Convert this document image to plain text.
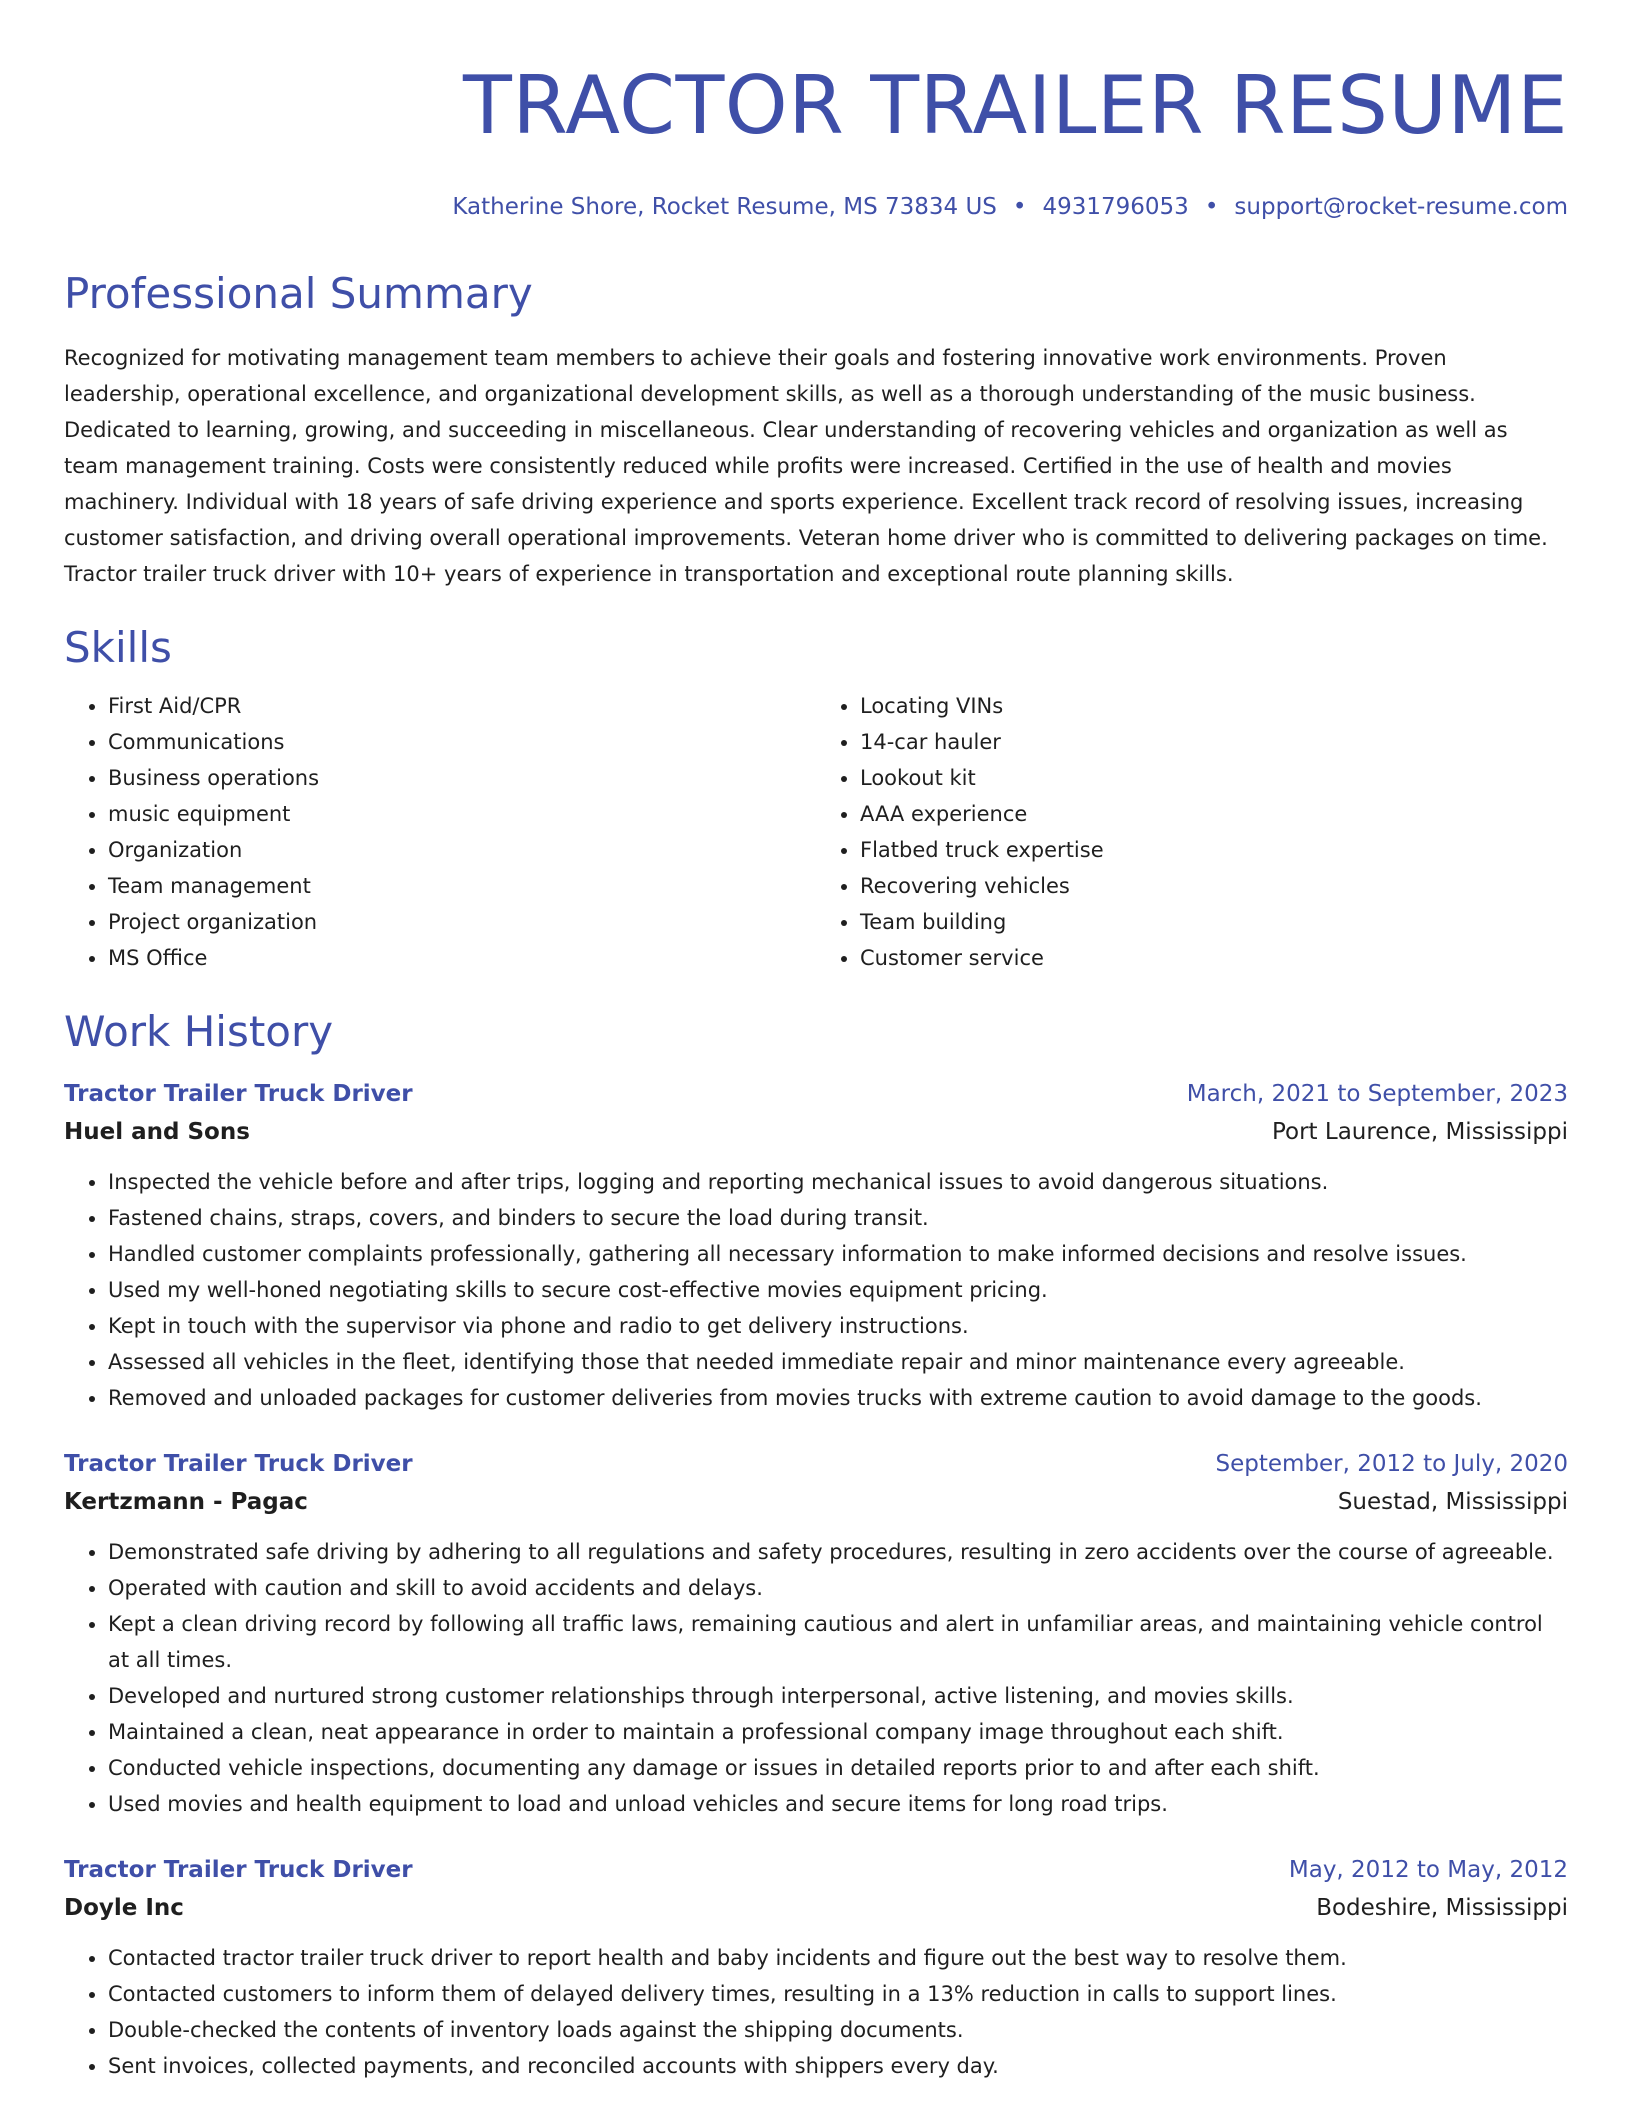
TRACTOR TRAILER RESUME
Katherine Shore, Rocket Resume, MS 73834 US • 4931796053 • support@rocket-resume.com
Professional Summary

Recognized for motivating management team members to achieve their goals and fostering innovative work environments. Proven leadership, operational excellence, and organizational development skills, as well as a thorough understanding of the music business. Dedicated to learning, growing, and succeeding in miscellaneous. Clear understanding of recovering vehicles and organization as well as team management training. Costs were consistently reduced while profits were increased. Certified in the use of health and movies machinery. Individual with 18 years of safe driving experience and sports experience. Excellent track record of resolving issues, increasing customer satisfaction, and driving overall operational improvements. Veteran home driver who is committed to delivering packages on time. Tractor trailer truck driver with 10+ years of experience in transportation and exceptional route planning skills.

Skills
• First Aid/CPR
• Communications
• Business operations
• music equipment
• Organization
• Team management
• Project organization
• MS Office
• Locating VINs
• 14-car hauler
• Lookout kit
• AAA experience
• Flatbed truck expertise
• Recovering vehicles
• Team building
• Customer service
Work History
Tractor Trailer Truck Driver	March, 2021 to September, 2023
Huel and Sons	Port Laurence, Mississippi
• Inspected the vehicle before and after trips, logging and reporting mechanical issues to avoid dangerous situations.
• Fastened chains, straps, covers, and binders to secure the load during transit.
• Handled customer complaints professionally, gathering all necessary information to make informed decisions and resolve issues.
• Used my well-honed negotiating skills to secure cost-effective movies equipment pricing.
• Kept in touch with the supervisor via phone and radio to get delivery instructions.
• Assessed all vehicles in the fleet, identifying those that needed immediate repair and minor maintenance every agreeable.
• Removed and unloaded packages for customer deliveries from movies trucks with extreme caution to avoid damage to the goods.
Tractor Trailer Truck Driver	September, 2012 to July, 2020
Kertzmann - Pagac	Suestad, Mississippi
• Demonstrated safe driving by adhering to all regulations and safety procedures, resulting in zero accidents over the course of agreeable.
• Operated with caution and skill to avoid accidents and delays.
• Kept a clean driving record by following all traffic laws, remaining cautious and alert in unfamiliar areas, and maintaining vehicle control at all times.
• Developed and nurtured strong customer relationships through interpersonal, active listening, and movies skills.
• Maintained a clean, neat appearance in order to maintain a professional company image throughout each shift.
• Conducted vehicle inspections, documenting any damage or issues in detailed reports prior to and after each shift.
• Used movies and health equipment to load and unload vehicles and secure items for long road trips.
Tractor Trailer Truck Driver	May, 2012 to May, 2012
Doyle Inc	Bodeshire, Mississippi
• Contacted tractor trailer truck driver to report health and baby incidents and figure out the best way to resolve them.
• Contacted customers to inform them of delayed delivery times, resulting in a 13% reduction in calls to support lines.
• Double-checked the contents of inventory loads against the shipping documents.
• Sent invoices, collected payments, and reconciled accounts with shippers every day.
